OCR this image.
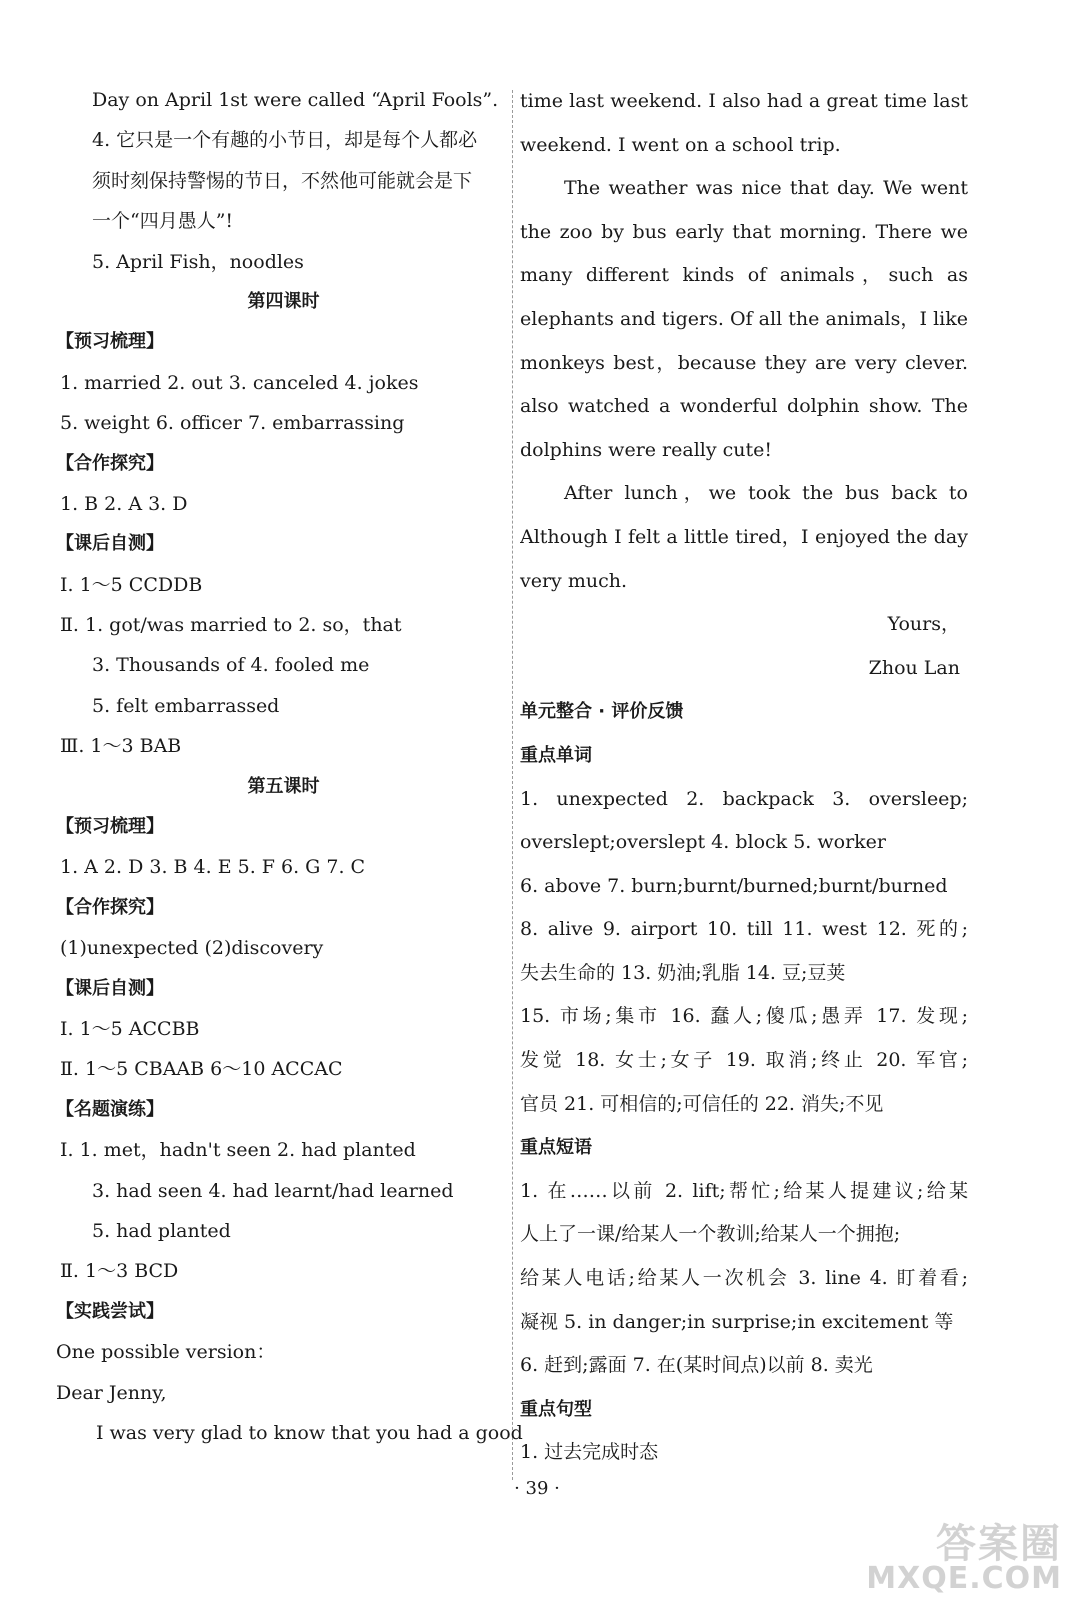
Day on April 1st were called “April Fools”.
4. 它只是一个有趣的小节日，却是每个人都必
须时刻保持警惕的节日，不然他可能就会是下
一个“四月愚人”!
5. April Fish，noodles
第四课时
【预习梳理】
1. married 2. out 3. canceled 4. jokes
5. weight 6. officer 7. embarrassing
【合作探究】
1. B 2. A 3. D
【课后自测】
Ⅰ. 1～5 CCDDB
Ⅱ. 1. got/was married to 2. so，that
3. Thousands of 4. fooled me
5. felt embarrassed
Ⅲ. 1～3 BAB
第五课时
【预习梳理】
1. A 2. D 3. B 4. E 5. F 6. G 7. C
【合作探究】
(1)unexpected (2)discovery
【课后自测】
Ⅰ. 1～5 ACCBB
Ⅱ. 1～5 CBAAB 6～10 ACCAC
【名题演练】
Ⅰ. 1. met，hadn't seen 2. had planted
3. had seen 4. had learnt/had learned
5. had planted
Ⅱ. 1～3 BCD
【实践尝试】
One possible version：
Dear Jenny,
I was very glad to know that you had a good
time last weekend. I also had a great time last
weekend. I went on a school trip.
The weather was nice that day. We went
the zoo by bus early that morning. There we
many different kinds of animals，such as
elephants and tigers. Of all the animals，I like
monkeys best，because they are very clever.
also watched a wonderful dolphin show. The
dolphins were really cute!
After lunch，we took the bus back to
Although I felt a little tired，I enjoyed the day
very much.
Yours，
Zhou Lan
单元整合 · 评价反馈
重点单词
1. unexpected 2. backpack 3. oversleep;
overslept;overslept 4. block 5. worker
6. above 7. burn;burnt/burned;burnt/burned
8. alive 9. airport 10. till 11. west 12. 死的;
失去生命的 13. 奶油;乳脂 14. 豆;豆荚
15. 市场;集市 16. 蠢人;傻瓜;愚弄 17. 发现;
发觉 18. 女士;女子 19. 取消;终止 20. 军官;
官员 21. 可相信的;可信任的 22. 消失;不见
重点短语
1. 在……以前 2. lift;帮忙;给某人提建议;给某
人上了一课/给某人一个教训;给某人一个拥抱;
给某人电话;给某人一次机会 3. line 4. 盯着看;
凝视 5. in danger;in surprise;in excitement 等
6. 赶到;露面 7. 在(某时间点)以前 8. 卖光
重点句型
1. 过去完成时态
· 39 ·
答案圈
MXQE.COM
